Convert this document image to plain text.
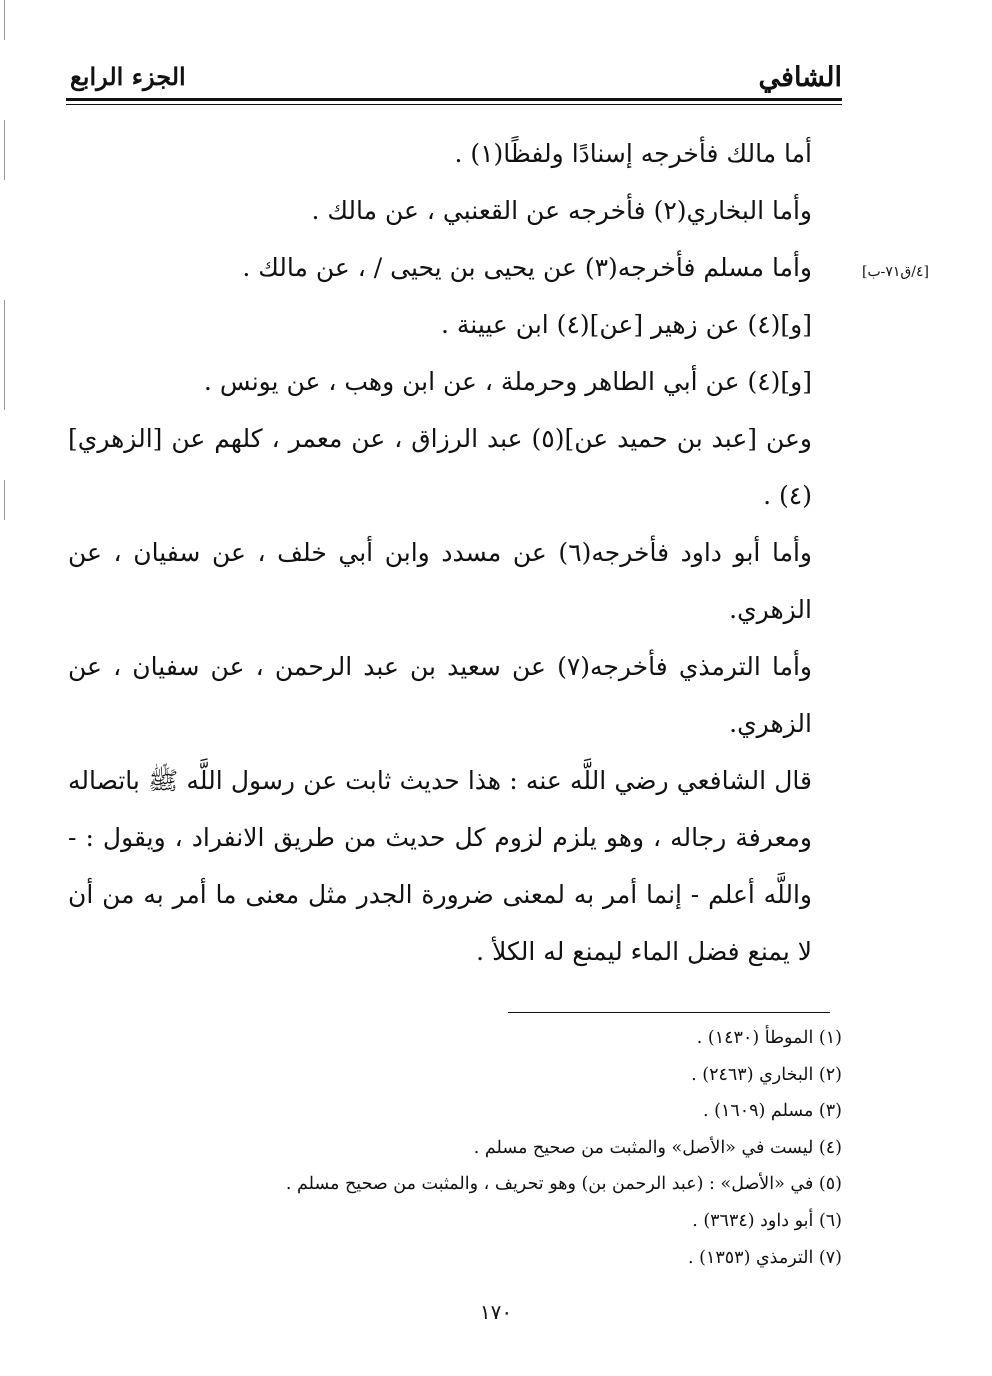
الشافي
الجزء الرابع
[٤/ق٧١-ب]

أما مالك فأخرجه إسنادًا ولفظًا(١) .

وأما البخاري(٢) فأخرجه عن القعنبي ، عن مالك .

وأما مسلم فأخرجه(٣) عن يحيى بن يحيى / ، عن مالك .

[و](٤) عن زهير [عن](٤) ابن عيينة .

[و](٤) عن أبي الطاهر وحرملة ، عن ابن وهب ، عن يونس .

وعن [عبد بن حميد عن](٥) عبد الرزاق ، عن معمر ، كلهم عن [الزهري](٤) .

وأما أبو داود فأخرجه(٦) عن مسدد وابن أبي خلف ، عن سفيان ، عن الزهري.

وأما الترمذي فأخرجه(٧) عن سعيد بن عبد الرحمن ، عن سفيان ، عن الزهري.

قال الشافعي رضي اللَّه عنه : هذا حديث ثابت عن رسول اللَّه ﷺ باتصاله ومعرفة رجاله ، وهو يلزم لزوم كل حديث من طريق الانفراد ، ويقول : - واللَّه أعلم - إنما أمر به لمعنى ضرورة الجدر مثل معنى ما أمر به من أن لا يمنع فضل الماء ليمنع له الكلأ .

(١) الموطأ (١٤٣٠) .
(٢) البخاري (٢٤٦٣) .
(٣) مسلم (١٦٠٩) .
(٤) ليست في «الأصل» والمثبت من صحيح مسلم .
(٥) في «الأصل» : (عبد الرحمن بن) وهو تحريف ، والمثبت من صحيح مسلم .
(٦) أبو داود (٣٦٣٤) .
(٧) الترمذي (١٣٥٣) .
١٧٠
